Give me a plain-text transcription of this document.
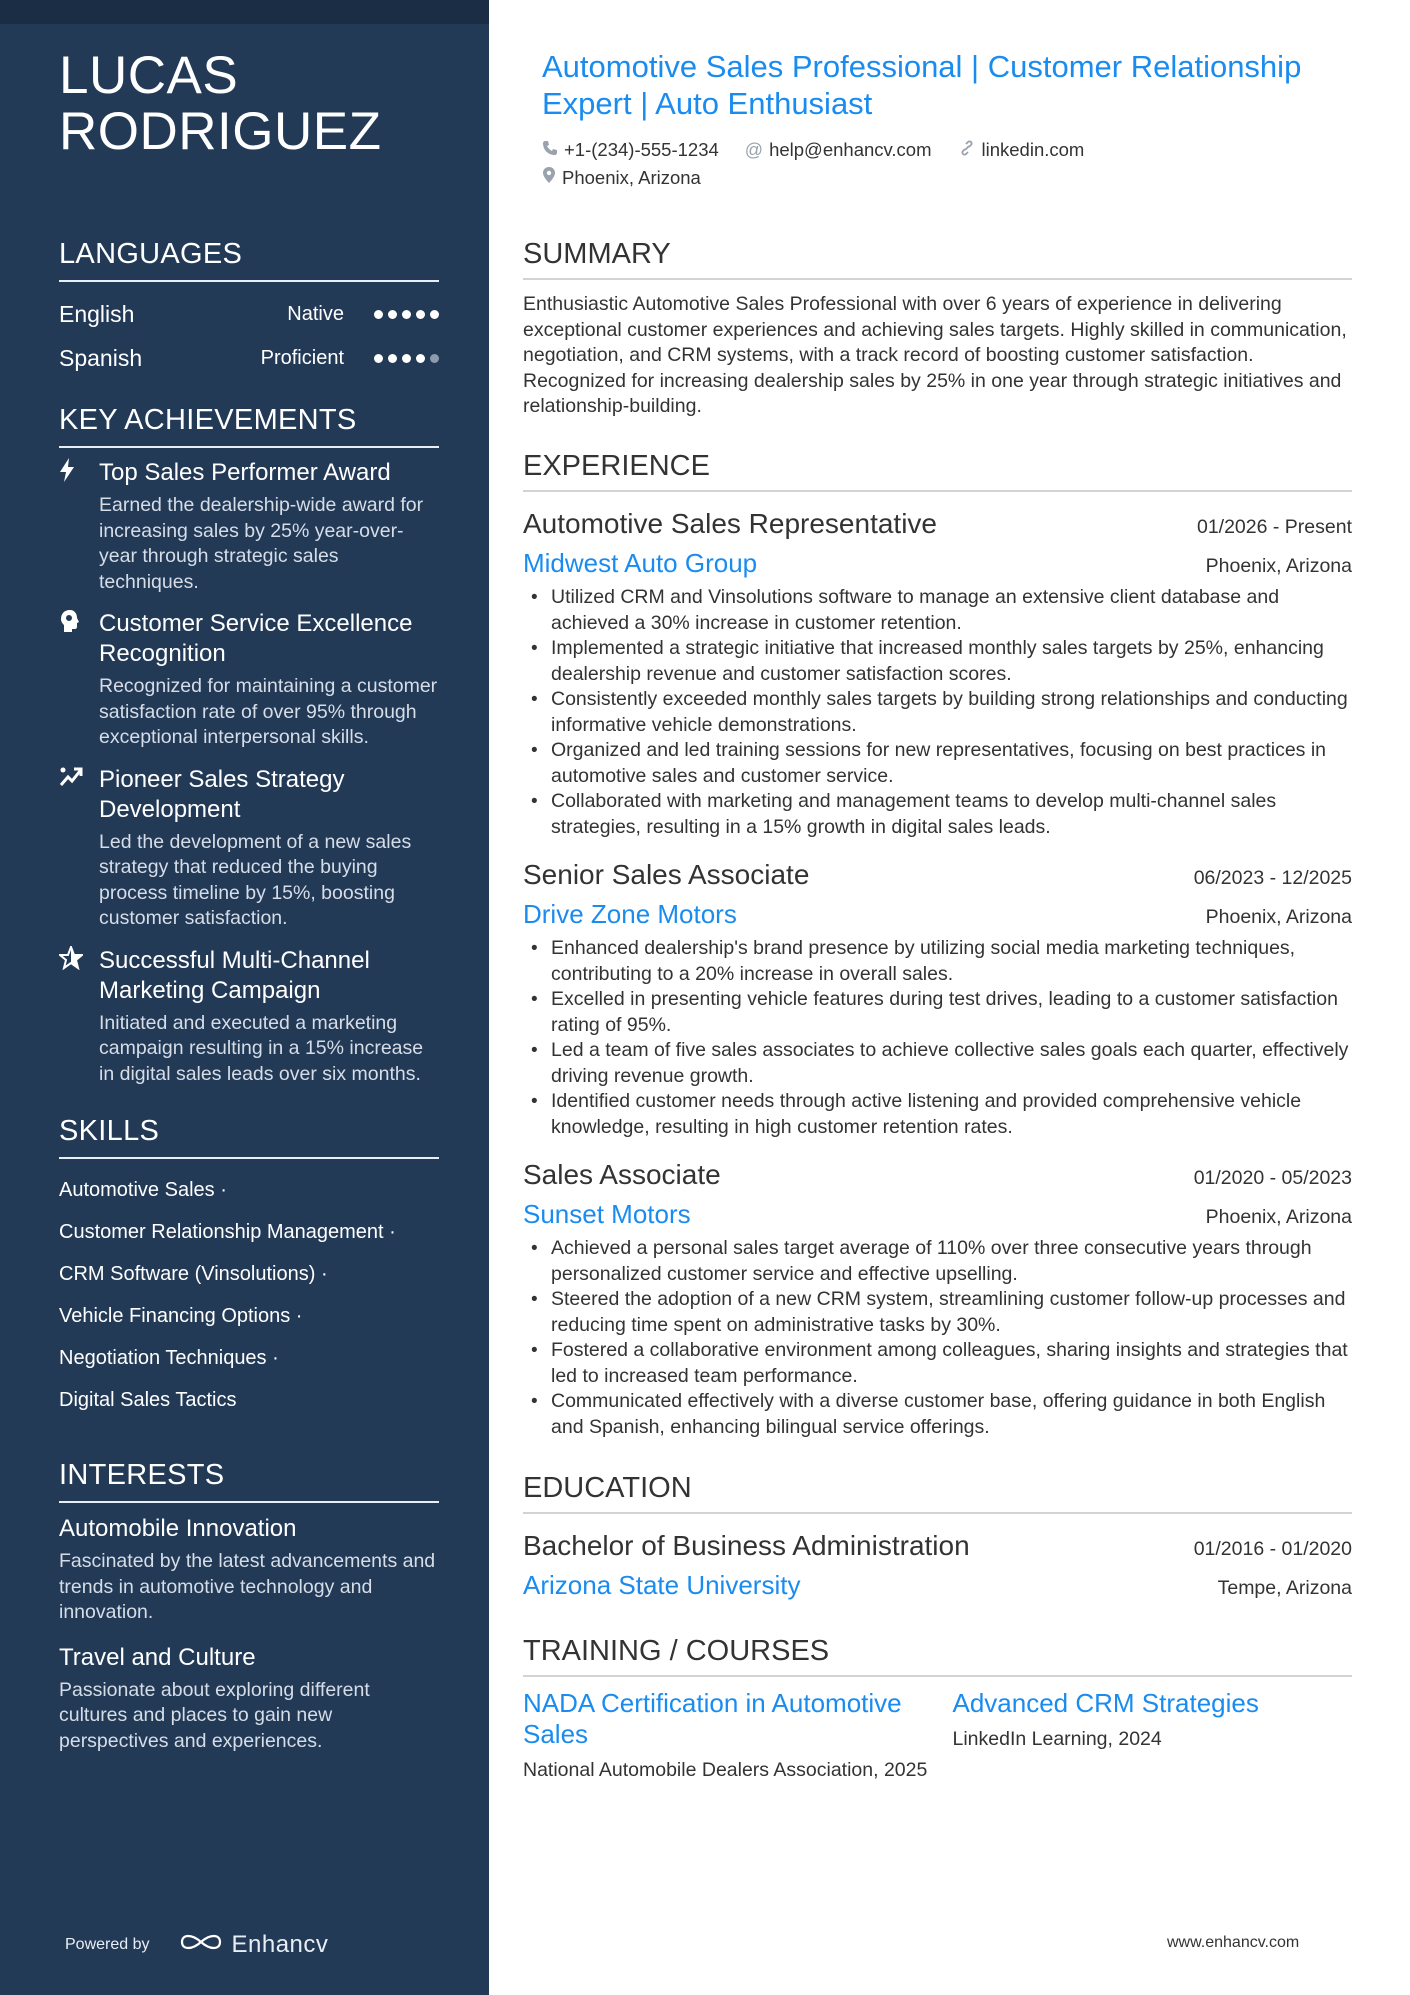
LUCAS
RODRIGUEZ
LANGUAGES
English	Native
Spanish	Proficient
KEY ACHIEVEMENTS
Top Sales Performer Award
Earned the dealership-wide award for increasing sales by 25% year-over-year through strategic sales techniques.
Customer Service Excellence Recognition
Recognized for maintaining a customer satisfaction rate of over 95% through exceptional interpersonal skills.
Pioneer Sales Strategy Development
Led the development of a new sales strategy that reduced the buying process timeline by 15%, boosting customer satisfaction.
Successful Multi-Channel Marketing Campaign
Initiated and executed a marketing campaign resulting in a 15% increase in digital sales leads over six months.
SKILLS
Automotive Sales ·
Customer Relationship Management ·
CRM Software (Vinsolutions) ·
Vehicle Financing Options ·
Negotiation Techniques ·
Digital Sales Tactics
INTERESTS
Automobile Innovation
Fascinated by the latest advancements and trends in automotive technology and innovation.
Travel and Culture
Passionate about exploring different cultures and places to gain new perspectives and experiences.
Powered by	Enhancv
Automotive Sales Professional | Customer Relationship Expert | Auto Enthusiast
+1-(234)-555-1234 @ help@enhancv.com	linkedin.com
Phoenix, Arizona
SUMMARY
Enthusiastic Automotive Sales Professional with over 6 years of experience in delivering exceptional customer experiences and achieving sales targets. Highly skilled in communication, negotiation, and CRM systems, with a track record of boosting customer satisfaction. Recognized for increasing dealership sales by 25% in one year through strategic initiatives and relationship-building.
EXPERIENCE
Automotive Sales Representative	01/2026 - Present
Midwest Auto Group	Phoenix, Arizona
• Utilized CRM and Vinsolutions software to manage an extensive client database and achieved a 30% increase in customer retention.
• Implemented a strategic initiative that increased monthly sales targets by 25%, enhancing dealership revenue and customer satisfaction scores.
• Consistently exceeded monthly sales targets by building strong relationships and conducting informative vehicle demonstrations.
• Organized and led training sessions for new representatives, focusing on best practices in automotive sales and customer service.
• Collaborated with marketing and management teams to develop multi-channel sales strategies, resulting in a 15% growth in digital sales leads.
Senior Sales Associate	06/2023 - 12/2025
Drive Zone Motors	Phoenix, Arizona
• Enhanced dealership's brand presence by utilizing social media marketing techniques, contributing to a 20% increase in overall sales.
• Excelled in presenting vehicle features during test drives, leading to a customer satisfaction rating of 95%.
• Led a team of five sales associates to achieve collective sales goals each quarter, effectively driving revenue growth.
• Identified customer needs through active listening and provided comprehensive vehicle knowledge, resulting in high customer retention rates.
Sales Associate	01/2020 - 05/2023
Sunset Motors	Phoenix, Arizona
• Achieved a personal sales target average of 110% over three consecutive years through personalized customer service and effective upselling.
• Steered the adoption of a new CRM system, streamlining customer follow-up processes and reducing time spent on administrative tasks by 30%.
• Fostered a collaborative environment among colleagues, sharing insights and strategies that led to increased team performance.
• Communicated effectively with a diverse customer base, offering guidance in both English and Spanish, enhancing bilingual service offerings.
EDUCATION
Bachelor of Business Administration	01/2016 - 01/2020
Arizona State University	Tempe, Arizona
TRAINING / COURSES
NADA Certification in Automotive Sales
National Automobile Dealers Association, 2025
Advanced CRM Strategies
LinkedIn Learning, 2024
www.enhancv.com
